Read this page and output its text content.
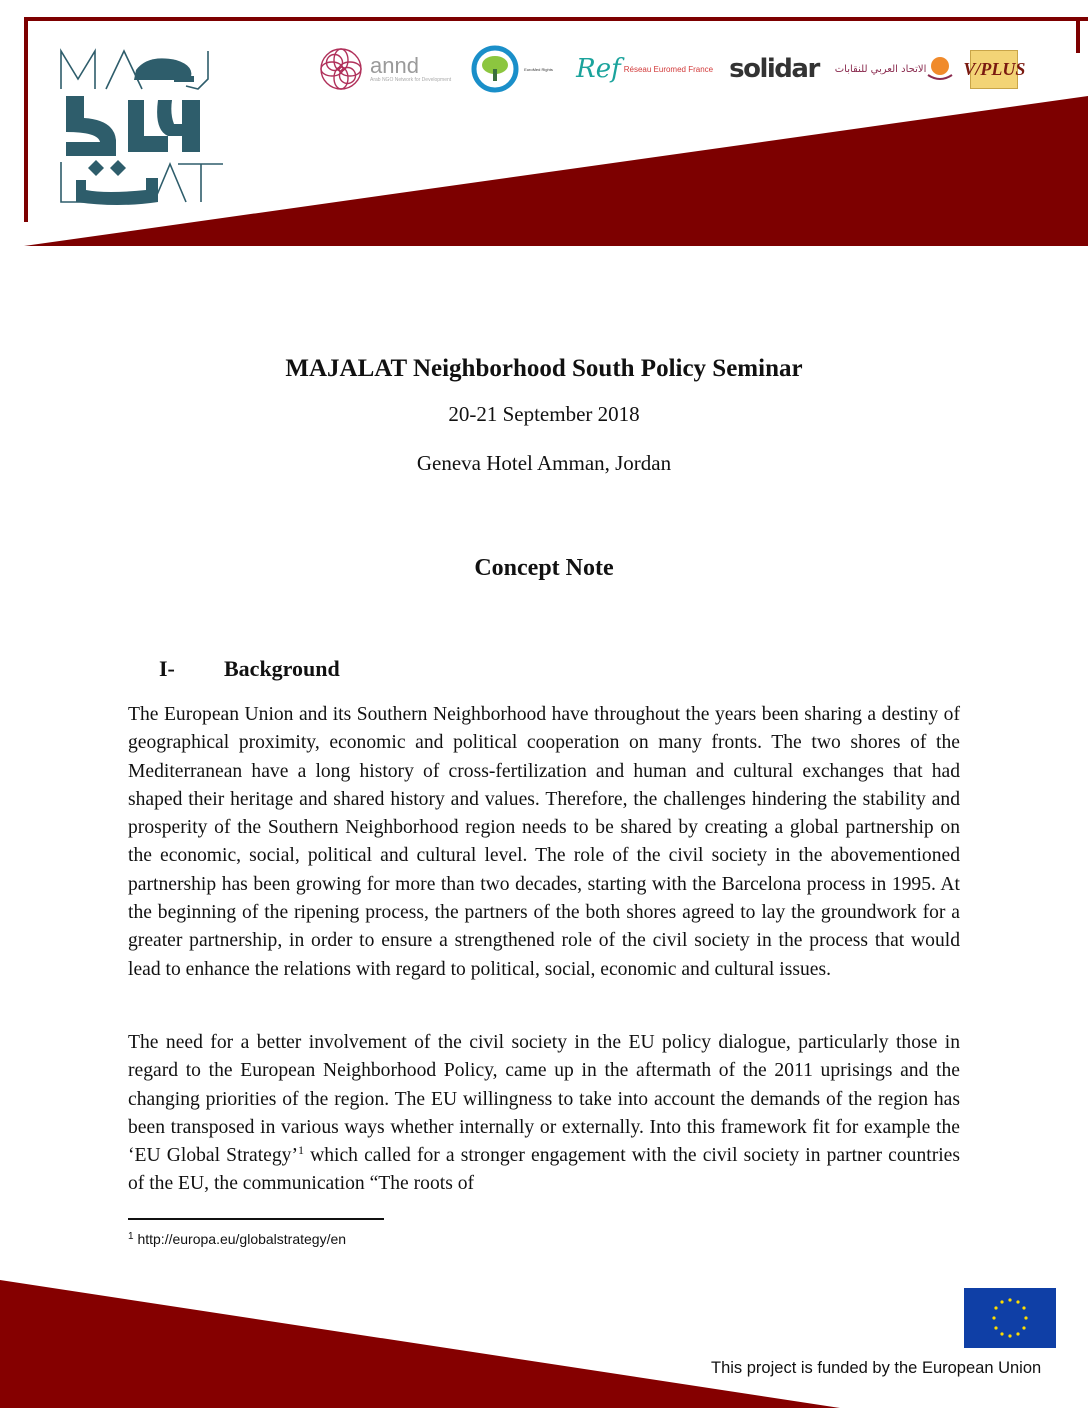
annd
Arab NGO Network for Development
EuroMed Rights Ref Réseau Euromed France solidar الاتحاد العربي للنقابات V/PLUS
MAJALAT Neighborhood South Policy Seminar
20-21 September 2018
Geneva Hotel Amman, Jordan
Concept Note
I-	Background

The European Union and its Southern Neighborhood have throughout the years been sharing a destiny of geographical proximity, economic and political cooperation on many fronts. The two shores of the Mediterranean have a long history of cross-fertilization and human and cultural exchanges that had shaped their heritage and shared history and values. Therefore, the challenges hindering the stability and prosperity of the Southern Neighborhood region needs to be shared by creating a global partnership on the economic, social, political and cultural level. The role of the civil society in the abovementioned partnership has been growing for more than two decades, starting with the Barcelona process in 1995. At the beginning of the ripening process, the partners of the both shores agreed to lay the groundwork for a greater partnership, in order to ensure a strengthened role of the civil society in the process that would lead to enhance the relations with regard to political, social, economic and cultural issues.

The need for a better involvement of the civil society in the EU policy dialogue, particularly those in regard to the European Neighborhood Policy, came up in the aftermath of the 2011 uprisings and the changing priorities of the region. The EU willingness to take into account the demands of the region has been transposed in various ways whether internally or externally. Into this framework fit for example the ‘EU Global Strategy’$^1$ which called for a stronger engagement with the civil society in partner countries of the EU, the communication “The roots of

$^1$ http://europa.eu/globalstrategy/en
This project is funded by the European Union
